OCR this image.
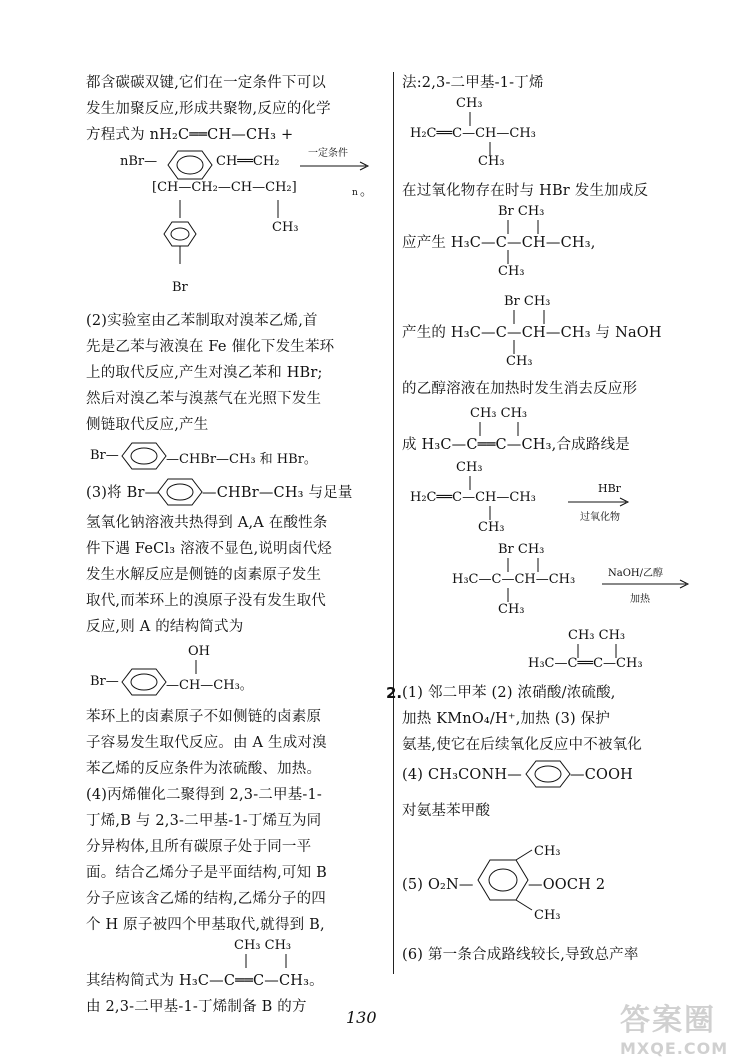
都含碳碳双键,它们在一定条件下可以

发生加聚反应,形成共聚物,反应的化学

方程式为 nH₂C══CH—CH₃ +

nBr—	CH══CH₂
一定条件
[CH—CH₂—CH—CH₂]	n 。
CH₃
Br

(2)实验室由乙苯制取对溴苯乙烯,首

先是乙苯与液溴在 Fe 催化下发生苯环

上的取代反应,产生对溴乙苯和 HBr;

然后对溴乙苯与溴蒸气在光照下发生

侧链取代反应,产生

Br—	—CHBr—CH₃ 和 HBr。
(3)将 Br—	—CHBr—CH₃ 与足量

氢氧化钠溶液共热得到 A,A 在酸性条

件下遇 FeCl₃ 溶液不显色,说明卤代烃

发生水解反应是侧链的卤素原子发生

取代,而苯环上的溴原子没有发生取代

反应,则 A 的结构简式为

OH
Br—	—CH—CH₃。

苯环上的卤素原子不如侧链的卤素原

子容易发生取代反应。由 A 生成对溴

苯乙烯的反应条件为浓硫酸、加热。

(4)丙烯催化二聚得到 2,3-二甲基-1-

丁烯,B 与 2,3-二甲基-1-丁烯互为同

分异构体,且所有碳原子处于同一平

面。结合乙烯分子是平面结构,可知 B

分子应该含乙烯的结构,乙烯分子的四

个 H 原子被四个甲基取代,就得到 B,

CH₃ CH₃

其结构简式为 H₃C—C══C—CH₃。

由 2,3-二甲基-1-丁烯制备 B 的方

法:2,3-二甲基-1-丁烯

CH₃
H₂C══C—CH—CH₃
CH₃

在过氧化物存在时与 HBr 发生加成反

Br CH₃
应产生 H₃C—C—CH—CH₃,
CH₃
Br CH₃
产生的 H₃C—C—CH—CH₃ 与 NaOH
CH₃

的乙醇溶液在加热时发生消去反应形

CH₃ CH₃
成 H₃C—C══C—CH₃,合成路线是
CH₃
H₂C══C—CH—CH₃
HBr
过氧化物
CH₃
Br CH₃
H₃C—C—CH—CH₃	NaOH/乙醇
加热
CH₃
CH₃ CH₃
H₃C—C══C—CH₃
2. (1) 邻二甲苯 (2) 浓硝酸/浓硫酸,

加热 KMnO₄/H⁺,加热 (3) 保护

氨基,使它在后续氧化反应中不被氧化

(4) CH₃CONH—	—COOH

对氨基苯甲酸

CH₃
(5) O₂N—	—OOCH 2
CH₃

(6) 第一条合成路线较长,导致总产率

130	答案圈
MXQE.COM
